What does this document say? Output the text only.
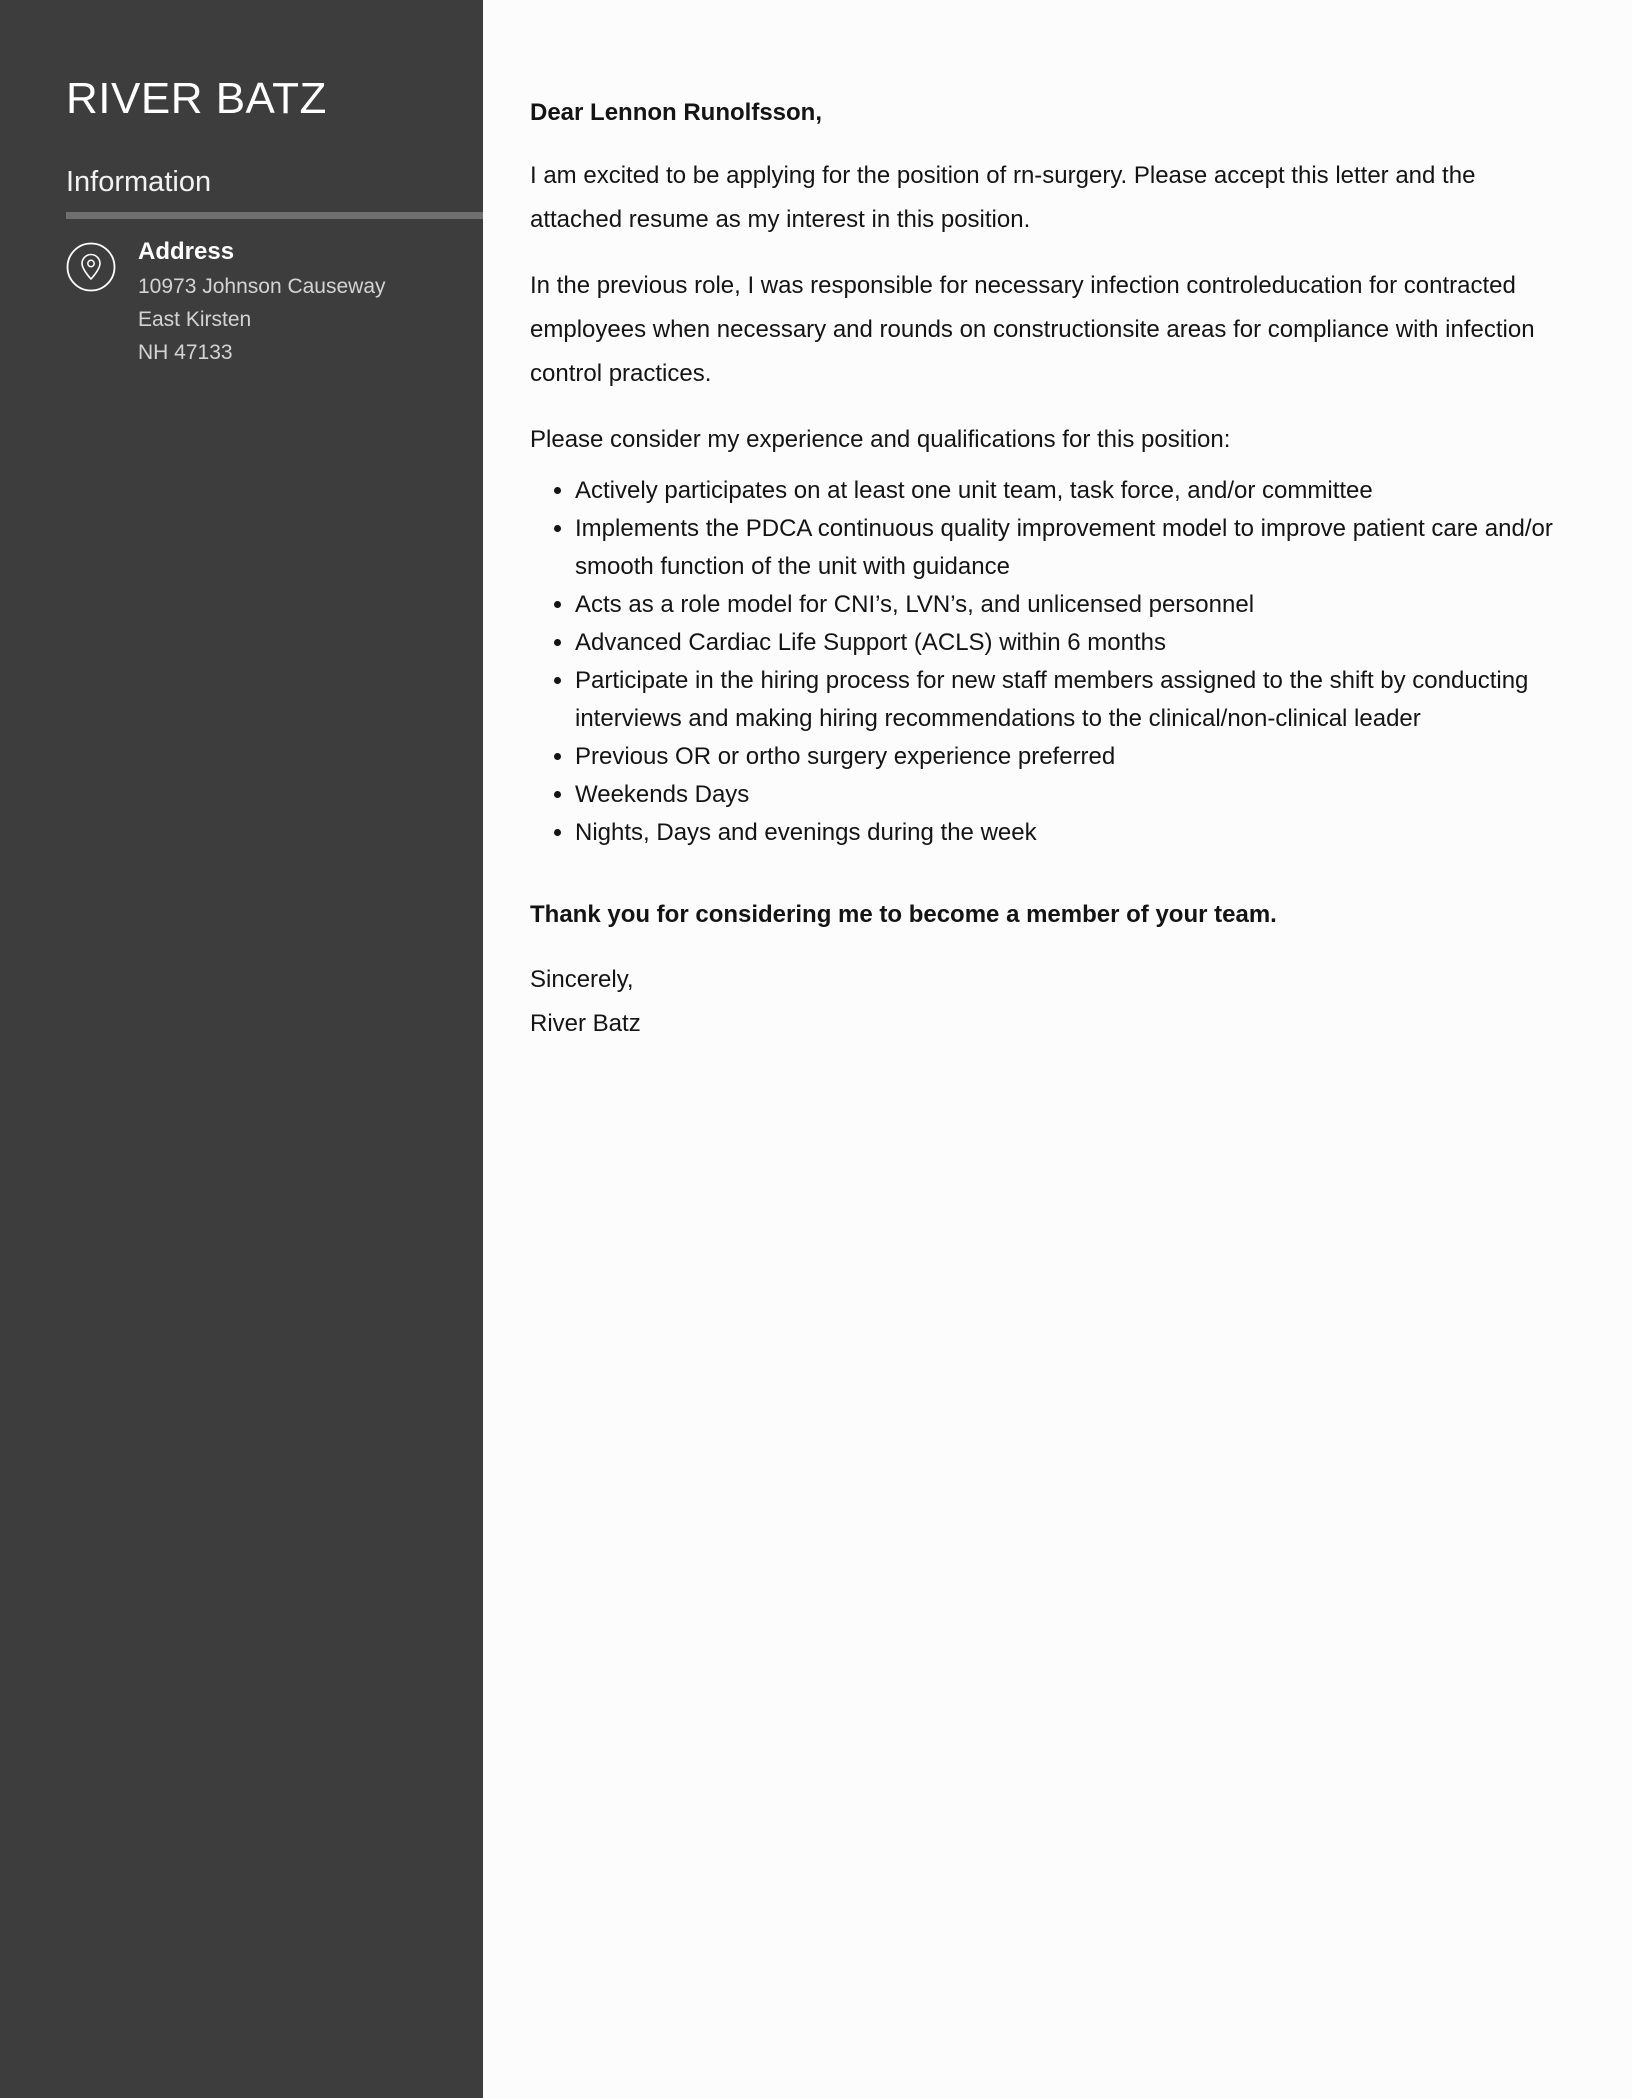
RIVER BATZ
Information
Address
10973 Johnson Causeway
East Kirsten
NH 47133
Dear Lennon Runolfsson,
I am excited to be applying for the position of rn-surgery. Please accept this letter and the attached resume as my interest in this position.
In the previous role, I was responsible for necessary infection controleducation for contracted employees when necessary and rounds on constructionsite areas for compliance with infection control practices.
Please consider my experience and qualifications for this position:
• Actively participates on at least one unit team, task force, and/or committee
• Implements the PDCA continuous quality improvement model to improve patient care and/or smooth function of the unit with guidance
• Acts as a role model for CNI’s, LVN’s, and unlicensed personnel
• Advanced Cardiac Life Support (ACLS) within 6 months
• Participate in the hiring process for new staff members assigned to the shift by conducting interviews and making hiring recommendations to the clinical/non-clinical leader
• Previous OR or ortho surgery experience preferred
• Weekends Days
• Nights, Days and evenings during the week
Thank you for considering me to become a member of your team.
Sincerely,
River Batz
